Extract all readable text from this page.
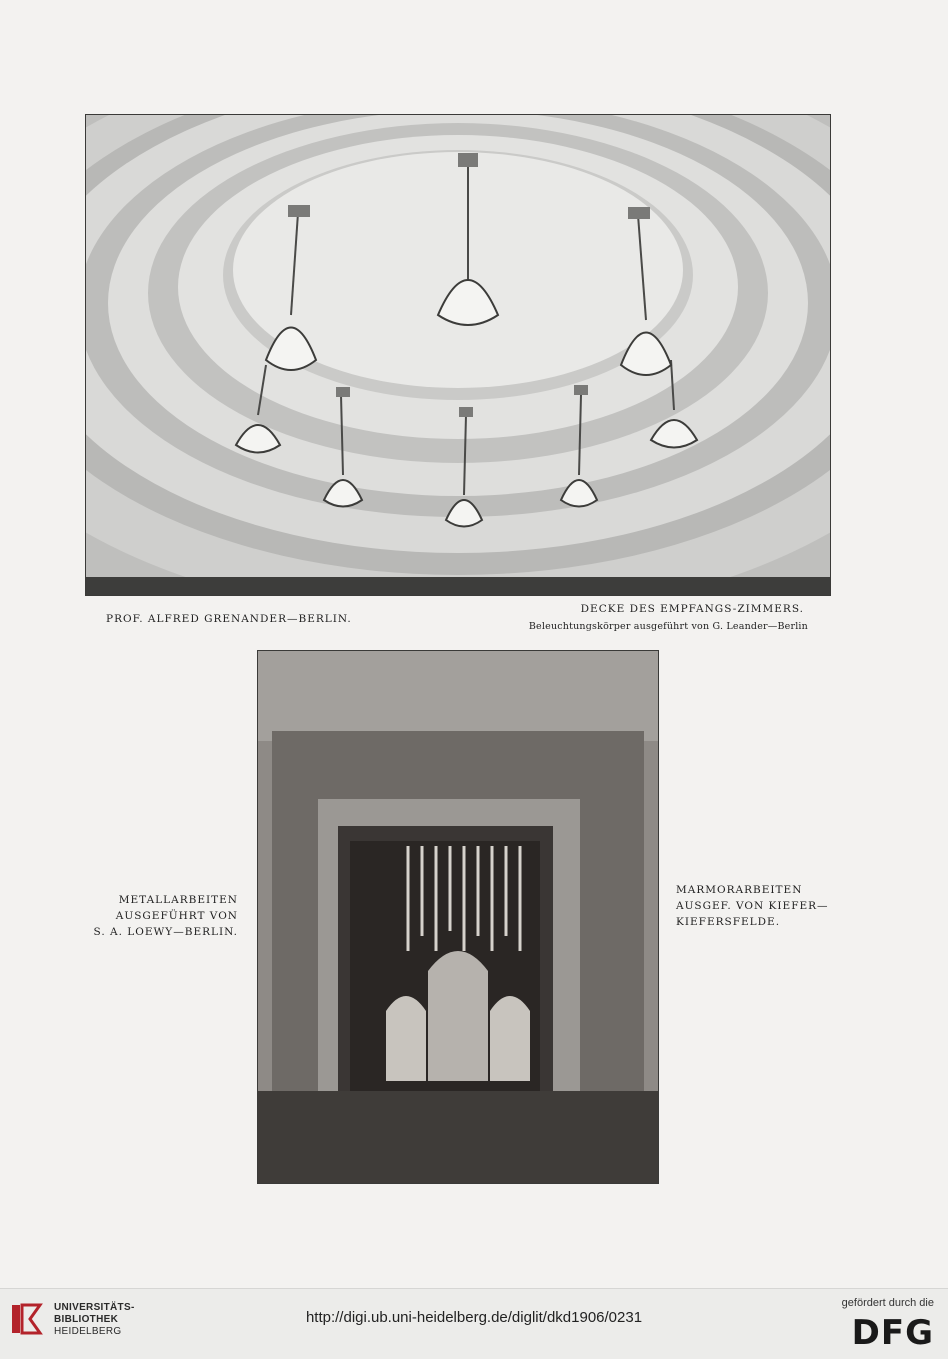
PROF. ALFRED GRENANDER—BERLIN.
DECKE DES EMPFANGS-ZIMMERS.
Beleuchtungskörper ausgeführt von G. Leander—Berlin
METALLARBEITEN
AUSGEFÜHRT VON
S. A. LOEWY—BERLIN.
MARMORARBEITEN
AUSGEF. VON KIEFER—
KIEFERSFELDE.
UNIVERSITÄTS-
BIBLIOTHEK
HEIDELBERG
http://digi.ub.uni-heidelberg.de/diglit/dkd1906/0231
gefördert durch die
DFG
